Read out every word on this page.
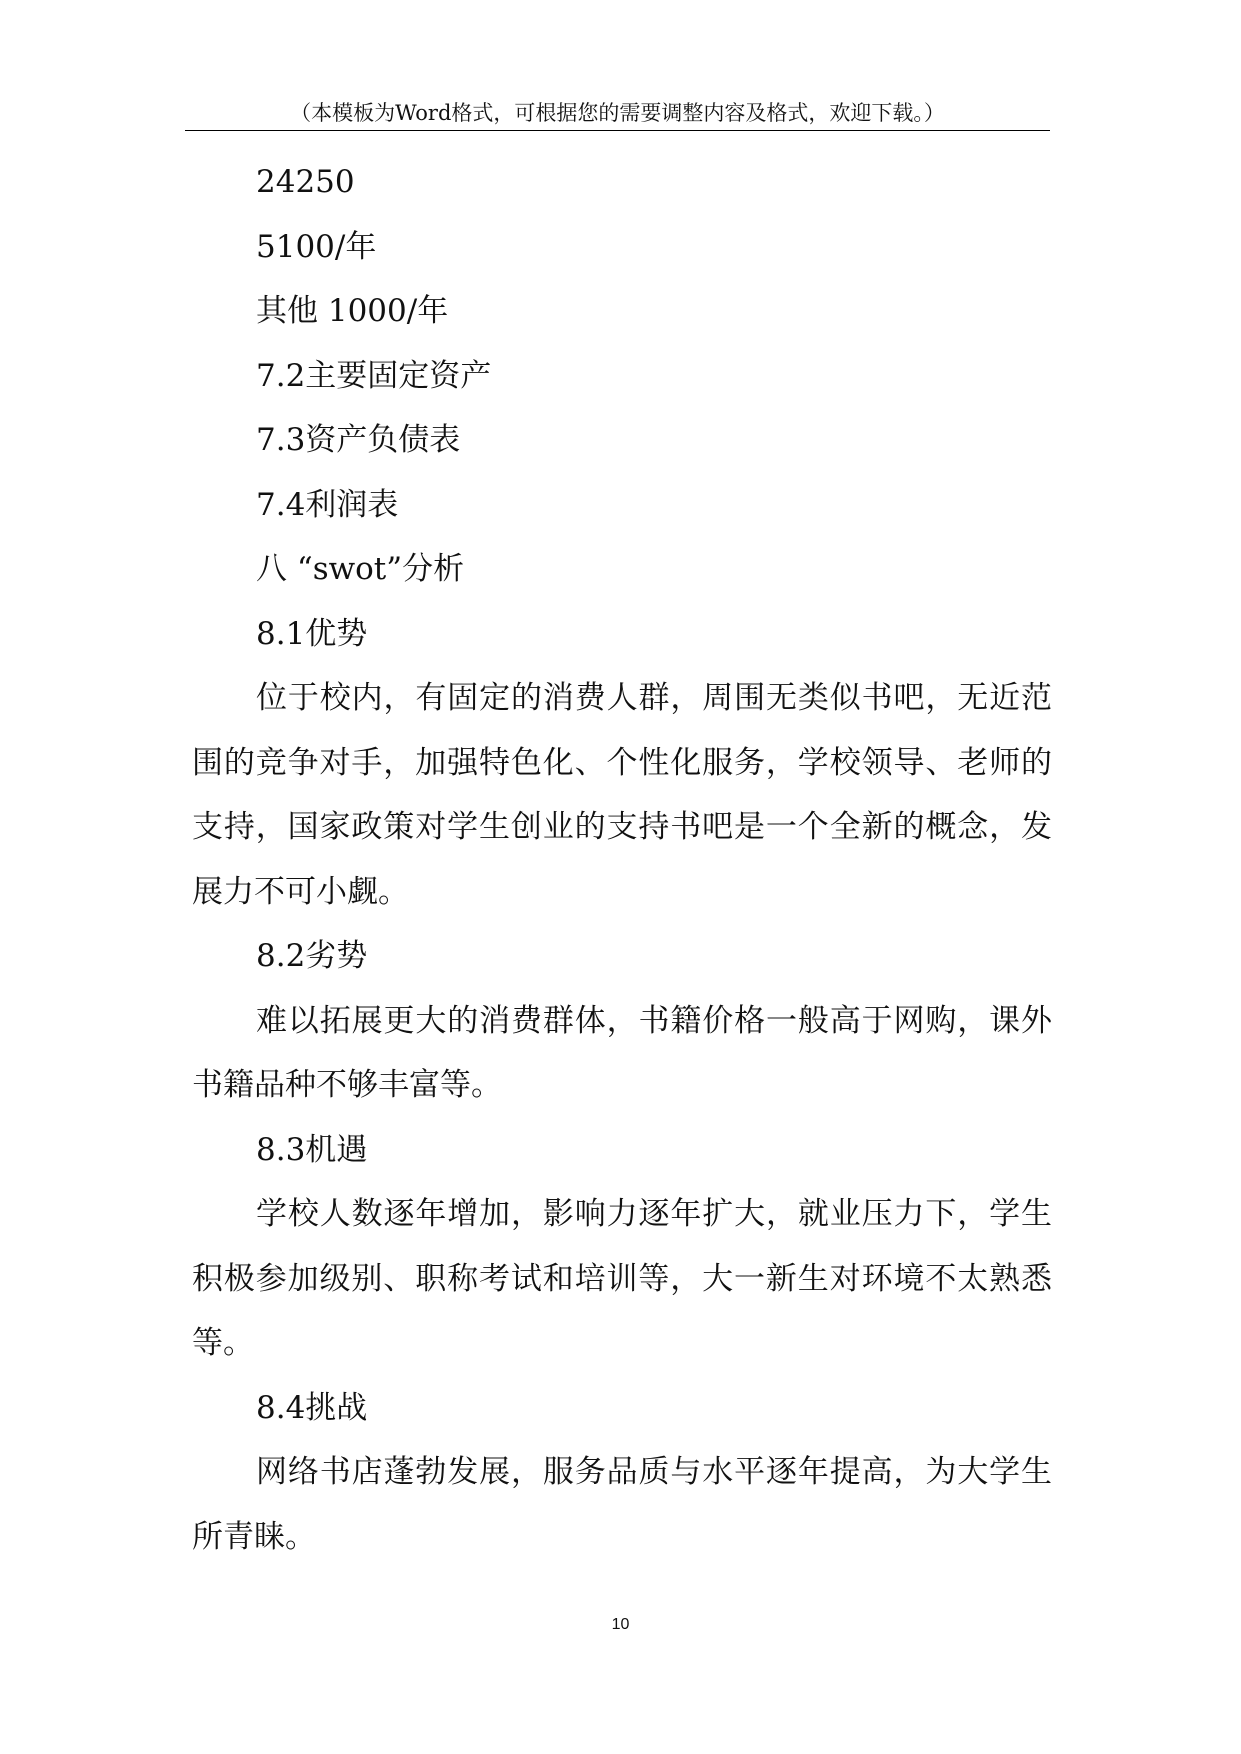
（本模板为Word格式，可根据您的需要调整内容及格式，欢迎下载。）
24250
5100/年
其他 1000/年
7.2主要固定资产
7.3资产负债表
7.4利润表
八 “swot”分析
8.1优势
位于校内，有固定的消费人群，周围无类似书吧，无近范围的竞争对手，加强特色化、个性化服务，学校领导、老师的支持，国家政策对学生创业的支持书吧是一个全新的概念，发展力不可小觑。
8.2劣势
难以拓展更大的消费群体，书籍价格一般高于网购，课外书籍品种不够丰富等。
8.3机遇
学校人数逐年增加，影响力逐年扩大，就业压力下，学生积极参加级别、职称考试和培训等，大一新生对环境不太熟悉等。
8.4挑战
网络书店蓬勃发展，服务品质与水平逐年提高，为大学生所青睐。
10
